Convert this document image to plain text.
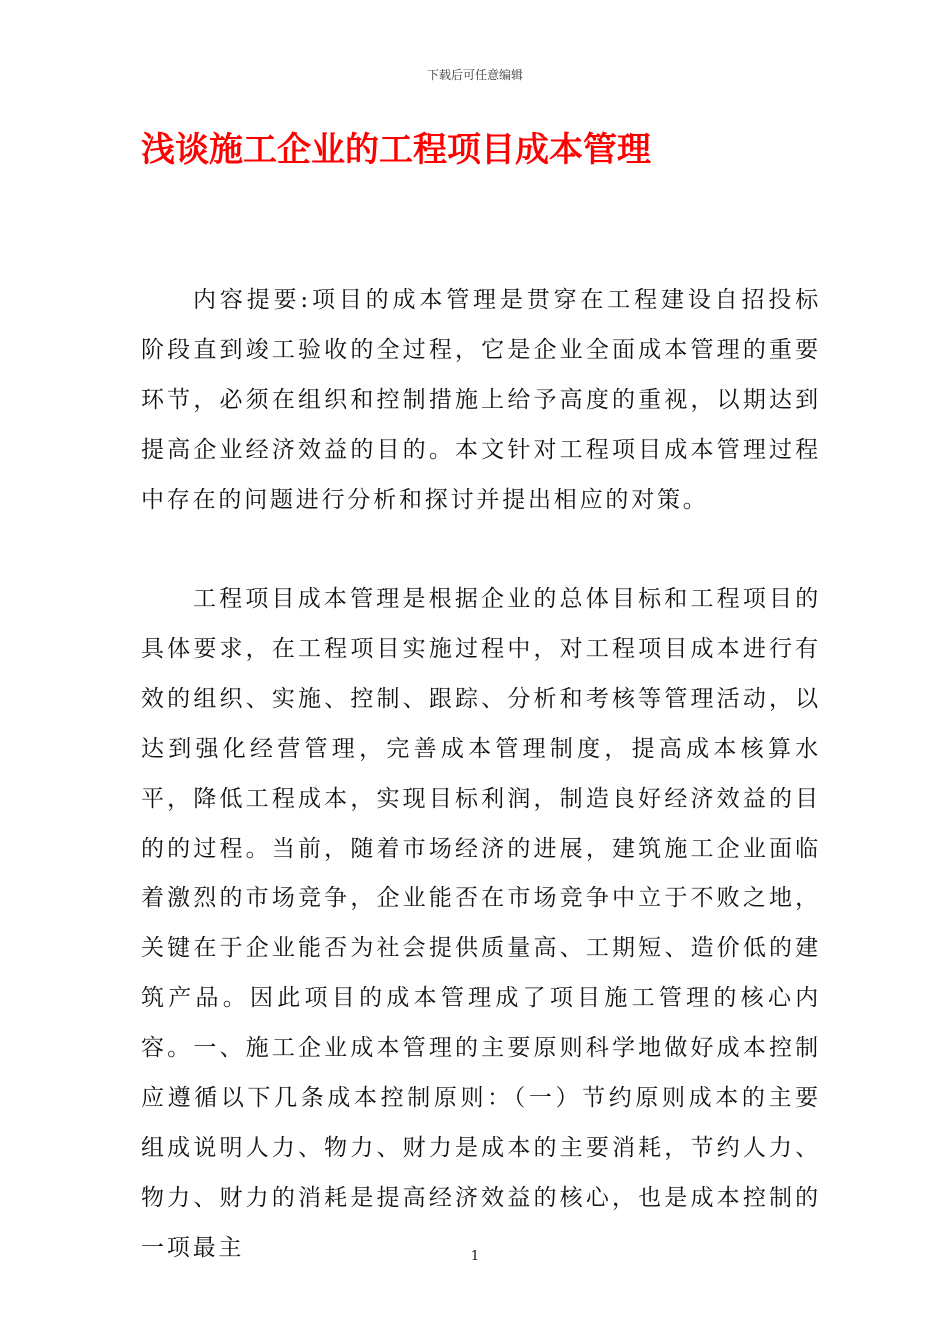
下载后可任意编辑
浅谈施工企业的工程项目成本管理

内容提要:项目的成本管理是贯穿在工程建设自招投标阶段直到竣工验收的全过程，它是企业全面成本管理的重要环节，必须在组织和控制措施上给予高度的重视，以期达到提高企业经济效益的目的。本文针对工程项目成本管理过程中存在的问题进行分析和探讨并提出相应的对策。

工程项目成本管理是根据企业的总体目标和工程项目的具体要求，在工程项目实施过程中，对工程项目成本进行有效的组织、实施、控制、跟踪、分析和考核等管理活动，以达到强化经营管理，完善成本管理制度，提高成本核算水平，降低工程成本，实现目标利润，制造良好经济效益的目的的过程。当前，随着市场经济的进展，建筑施工企业面临着激烈的市场竞争，企业能否在市场竞争中立于不败之地，关键在于企业能否为社会提供质量高、工期短、造价低的建筑产品。因此项目的成本管理成了项目施工管理的核心内容。一、施工企业成本管理的主要原则科学地做好成本控制应遵循以下几条成本控制原则：（一）节约原则成本的主要组成说明人力、物力、财力是成本的主要消耗，节约人力、物力、财力的消耗是提高经济效益的核心，也是成本控制的一项最主	1
